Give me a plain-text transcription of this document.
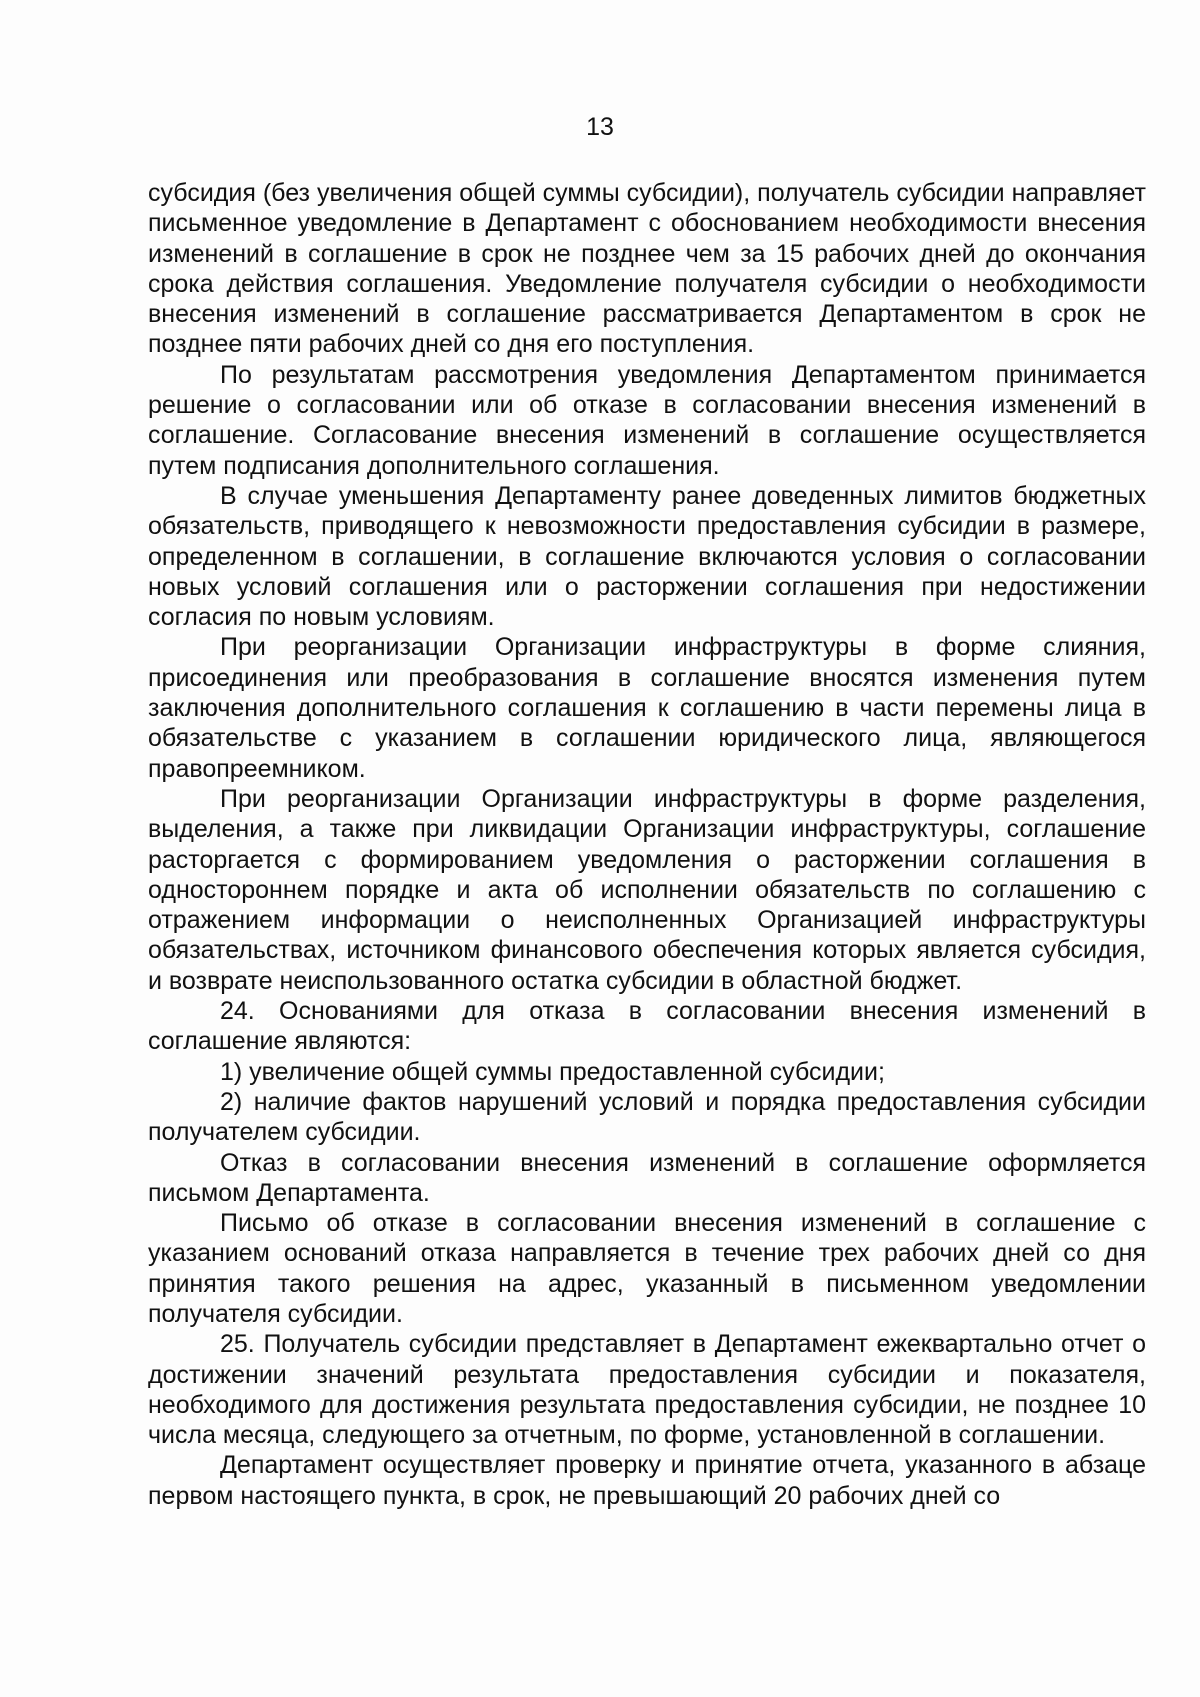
13

субсидия (без увеличения общей суммы субсидии), получатель субсидии направляет письменное уведомление в Департамент с обоснованием необходимости внесения изменений в соглашение в срок не позднее чем за 15 рабочих дней до окончания срока действия соглашения. Уведомление получателя субсидии о необходимости внесения изменений в соглашение рассматривается Департаментом в срок не позднее пяти рабочих дней со дня его поступления.

По результатам рассмотрения уведомления Департаментом принимается решение о согласовании или об отказе в согласовании внесения изменений в соглашение. Согласование внесения изменений в соглашение осуществляется путем подписания дополнительного соглашения.

В случае уменьшения Департаменту ранее доведенных лимитов бюджетных обязательств, приводящего к невозможности предоставления субсидии в размере, определенном в соглашении, в соглашение включаются условия о согласовании новых условий соглашения или о расторжении соглашения при недостижении согласия по новым условиям.

При реорганизации Организации инфраструктуры в форме слияния, присоединения или преобразования в соглашение вносятся изменения путем заключения дополнительного соглашения к соглашению в части перемены лица в обязательстве с указанием в соглашении юридического лица, являющегося правопреемником.

При реорганизации Организации инфраструктуры в форме разделения, выделения, а также при ликвидации Организации инфраструктуры, соглашение расторгается с формированием уведомления о расторжении соглашения в одностороннем порядке и акта об исполнении обязательств по соглашению с отражением информации о неисполненных Организацией инфраструктуры обязательствах, источником финансового обеспечения которых является субсидия, и возврате неиспользованного остатка субсидии в областной бюджет.

24. Основаниями для отказа в согласовании внесения изменений в соглашение являются:

1) увеличение общей суммы предоставленной субсидии;

2) наличие фактов нарушений условий и порядка предоставления субсидии получателем субсидии.

Отказ в согласовании внесения изменений в соглашение оформляется письмом Департамента.

Письмо об отказе в согласовании внесения изменений в соглашение с указанием оснований отказа направляется в течение трех рабочих дней со дня принятия такого решения на адрес, указанный в письменном уведомлении получателя субсидии.

25. Получатель субсидии представляет в Департамент ежеквартально отчет о достижении значений результата предоставления субсидии и показателя, необходимого для достижения результата предоставления субсидии, не позднее 10 числа месяца, следующего за отчетным, по форме, установленной в соглашении.

Департамент осуществляет проверку и принятие отчета, указанного в абзаце первом настоящего пункта, в срок, не превышающий 20 рабочих дней со
